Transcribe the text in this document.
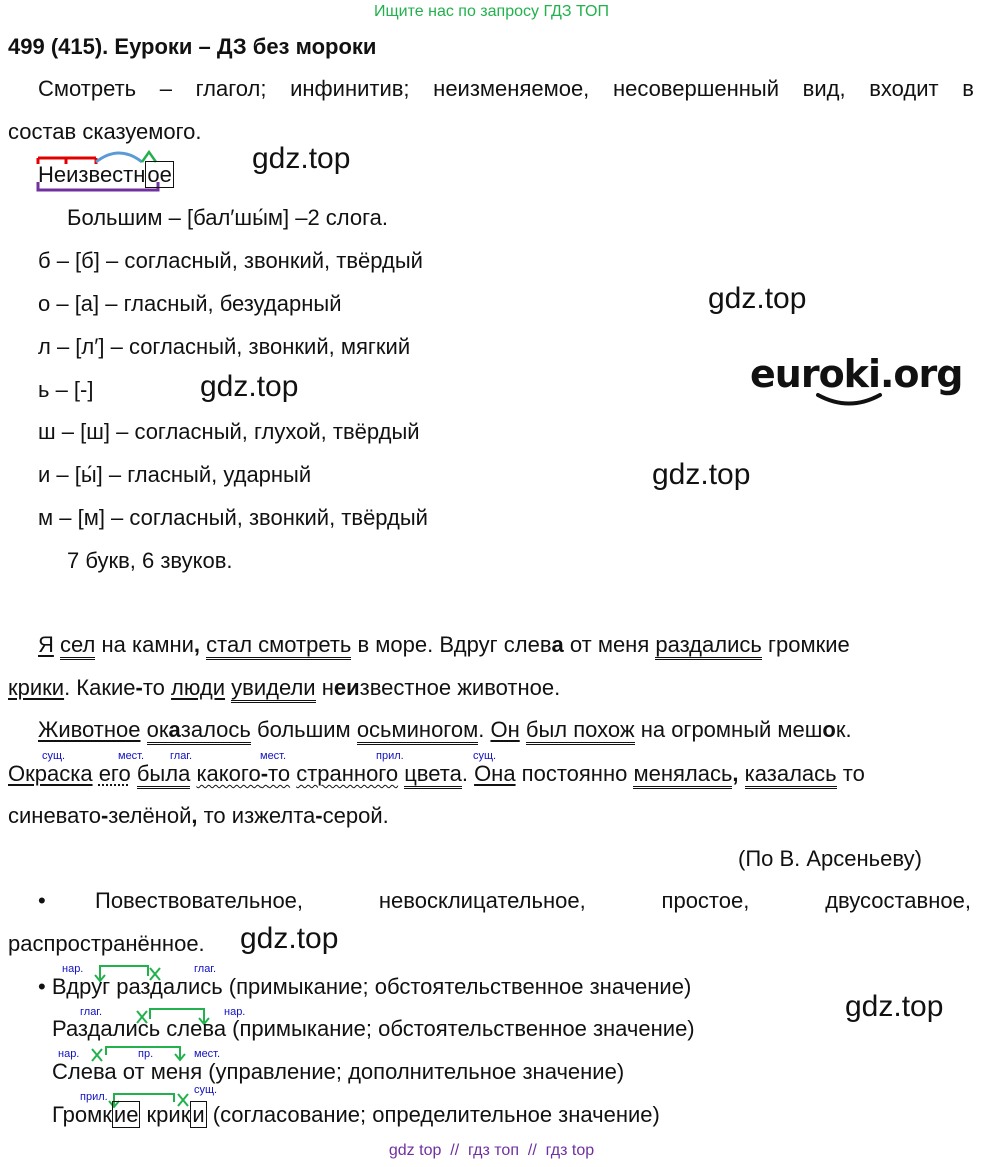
Ищите нас по запросу ГДЗ ТОП
499 (415). Еуроки – ДЗ без мороки
Смотреть – глагол; инфинитив; неизменяемое, несовершенный вид, входит в
состав сказуемого.
Неизвестное
Большим – [бал′шы́м] –2 слога.
б – [б] – согласный, звонкий, твёрдый
о – [а] – гласный, безударный
л – [л′] – согласный, звонкий, мягкий
ь – [-]
ш – [ш] – согласный, глухой, твёрдый
и – [ы́] – гласный, ударный
м – [м] – согласный, звонкий, твёрдый
7 букв, 6 звуков.
Я сел на камни, стал смотреть в море. Вдруг слева от меня раздались громкие
крики. Какие-то люди увидели неизвестное животное.
Животное оказалось большим осьминогом. Он был похож на огромный мешок.
сущ.	мест. глаг.	мест.	прил.	сущ.
Окраска его была какого-то странного цвета. Она постоянно менялась, казалась то
синевато-зелёной, то изжелта-серой.
(По В. Арсеньеву)
• Повествовательное,	невосклицательное,	простое,	двусоставное,
распространённое.
нар.	глаг.
• Вдруг раздались (примыкание; обстоятельственное значение)
глаг.	нар.
Раздались слева (примыкание; обстоятельственное значение)
нар.	пр.	мест.
Слева от меня (управление; дополнительное значение)
прил.
сущ.
Громкие крики (согласование; определительное значение)
gdz.top
gdz.top
gdz.top
gdz.top
gdz.top
gdz.top
euroki.org
gdz top  //  гдз топ  //  гдз top
